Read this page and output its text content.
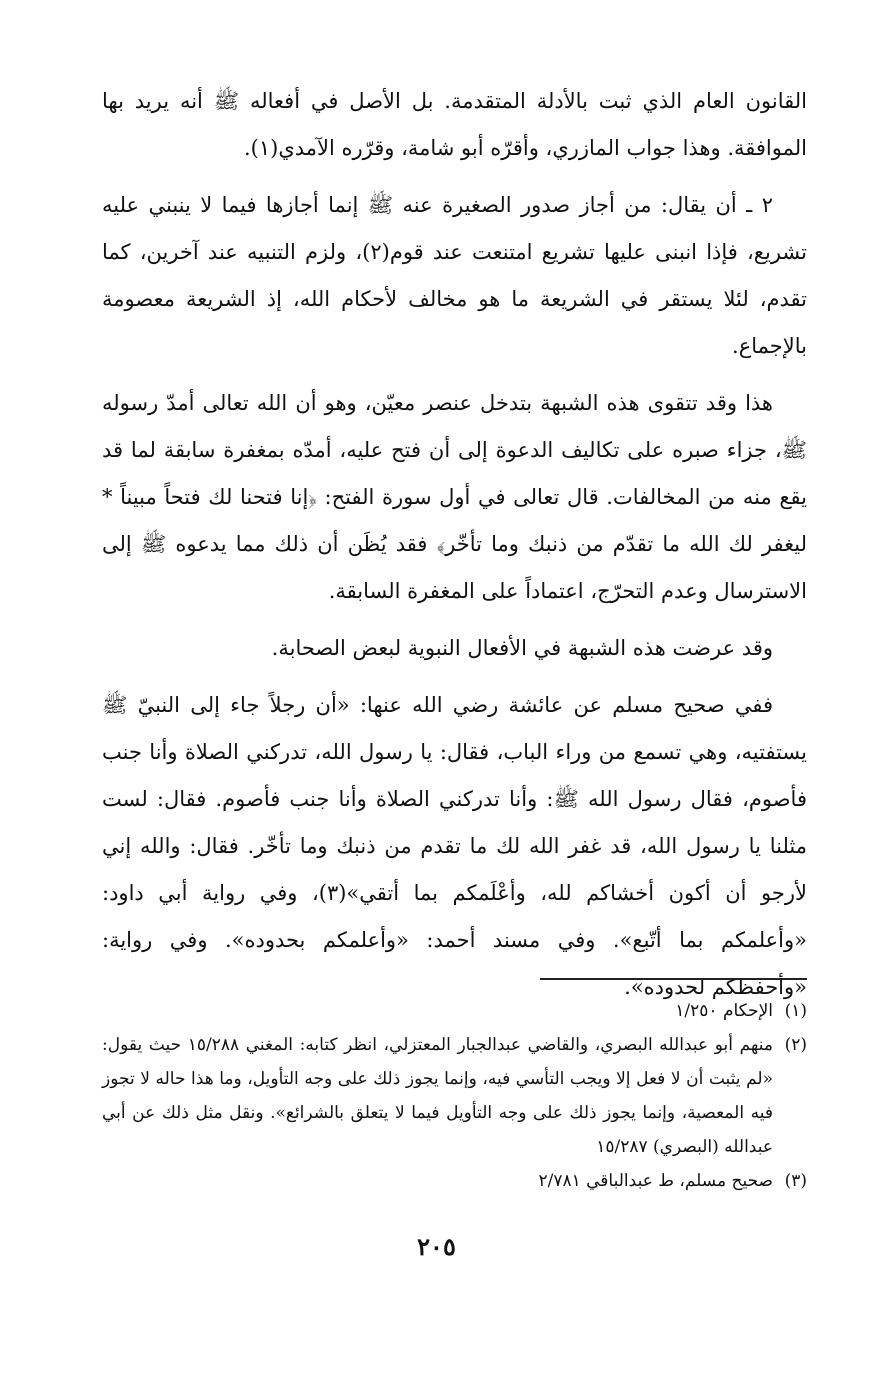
القانون العام الذي ثبت بالأدلة المتقدمة. بل الأصل في أفعاله ﷺ أنه يريد بها الموافقة. وهذا جواب المازري، وأقرّه أبو شامة، وقرّره الآمدي(١).

٢ ـ أن يقال: من أجاز صدور الصغيرة عنه ﷺ إنما أجازها فيما لا ينبني عليه تشريع، فإذا انبنى عليها تشريع امتنعت عند قوم(٢)، ولزم التنبيه عند آخرين، كما تقدم، لئلا يستقر في الشريعة ما هو مخالف لأحكام الله، إذ الشريعة معصومة بالإجماع.

هذا وقد تتقوى هذه الشبهة بتدخل عنصر معيّن، وهو أن الله تعالى أمدّ رسوله ﷺ، جزاء صبره على تكاليف الدعوة إلى أن فتح عليه، أمدّه بمغفرة سابقة لما قد يقع منه من المخالفات. قال تعالى في أول سورة الفتح: ﴿إنا فتحنا لك فتحاً مبيناً * ليغفر لك الله ما تقدّم من ذنبك وما تأخّر﴾ فقد يُظَن أن ذلك مما يدعوه ﷺ إلى الاسترسال وعدم التحرّج، اعتماداً على المغفرة السابقة.

وقد عرضت هذه الشبهة في الأفعال النبوية لبعض الصحابة.

ففي صحيح مسلم عن عائشة رضي الله عنها: «أن رجلاً جاء إلى النبيّ ﷺ يستفتيه، وهي تسمع من وراء الباب، فقال: يا رسول الله، تدركني الصلاة وأنا جنب فأصوم، فقال رسول الله ﷺ: وأنا تدركني الصلاة وأنا جنب فأصوم. فقال: لست مثلنا يا رسول الله، قد غفر الله لك ما تقدم من ذنبك وما تأخّر. فقال: والله إني لأرجو أن أكون أخشاكم لله، وأعْلَمكم بما أتقي»(٣)، وفي رواية أبي داود: «وأعلمكم بما أتّبع». وفي مسند أحمد: «وأعلمكم بحدوده». وفي رواية: «وأحفظكم لحدوده».

(١)
الإحكام ١/٢٥٠
(٢)
منهم أبو عبدالله البصري، والقاضي عبدالجبار المعتزلي، انظر كتابه: المغني ١٥/٢٨٨ حيث يقول: «لم يثبت أن لا فعل إلا ويجب التأسي فيه، وإنما يجوز ذلك على وجه التأويل، وما هذا حاله لا تجوز فيه المعصية، وإنما يجوز ذلك على وجه التأويل فيما لا يتعلق بالشرائع». ونقل مثل ذلك عن أبي عبدالله (البصري) ١٥/٢٨٧
(٣)
صحيح مسلم، ط عبدالباقي ٢/٧٨١
٢٠٥
